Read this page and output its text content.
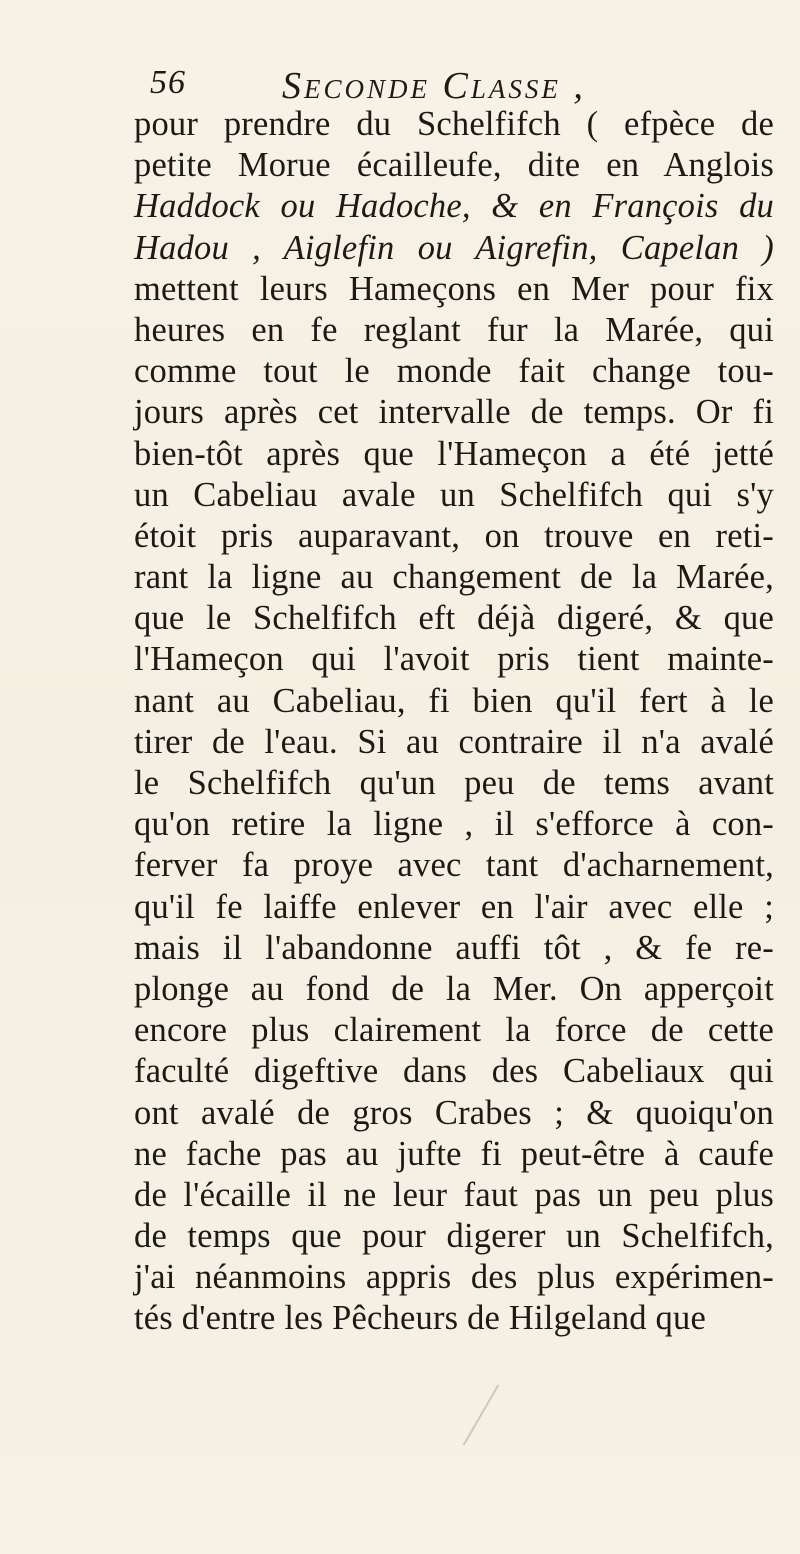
56	Seconde Classe ,
pour prendre du Schelfifch ( efpèce de
petite Morue écailleufe, dite en Anglois
Haddock ou Hadoche, & en François du
Hadou , Aiglefin ou Aigrefin, Capelan )
mettent leurs Hameçons en Mer pour fix
heures en fe reglant fur la Marée, qui
comme tout le monde fait change tou-
jours après cet intervalle de temps. Or fi
bien-tôt après que l'Hameçon a été jetté
un Cabeliau avale un Schelfifch qui s'y
étoit pris auparavant, on trouve en reti-
rant la ligne au changement de la Marée,
que le Schelfifch eft déjà digeré, & que
l'Hameçon qui l'avoit pris tient mainte-
nant au Cabeliau, fi bien qu'il fert à le
tirer de l'eau. Si au contraire il n'a avalé
le Schelfifch qu'un peu de tems avant
qu'on retire la ligne , il s'efforce à con-
ferver fa proye avec tant d'acharnement,
qu'il fe laiffe enlever en l'air avec elle ;
mais il l'abandonne auffi tôt , & fe re-
plonge au fond de la Mer. On apperçoit
encore plus clairement la force de cette
faculté digeftive dans des Cabeliaux qui
ont avalé de gros Crabes ; & quoiqu'on
ne fache pas au jufte fi peut-être à caufe
de l'écaille il ne leur faut pas un peu plus
de temps que pour digerer un Schelfifch,
j'ai néanmoins appris des plus expérimen-
tés d'entre les Pêcheurs de Hilgeland que
